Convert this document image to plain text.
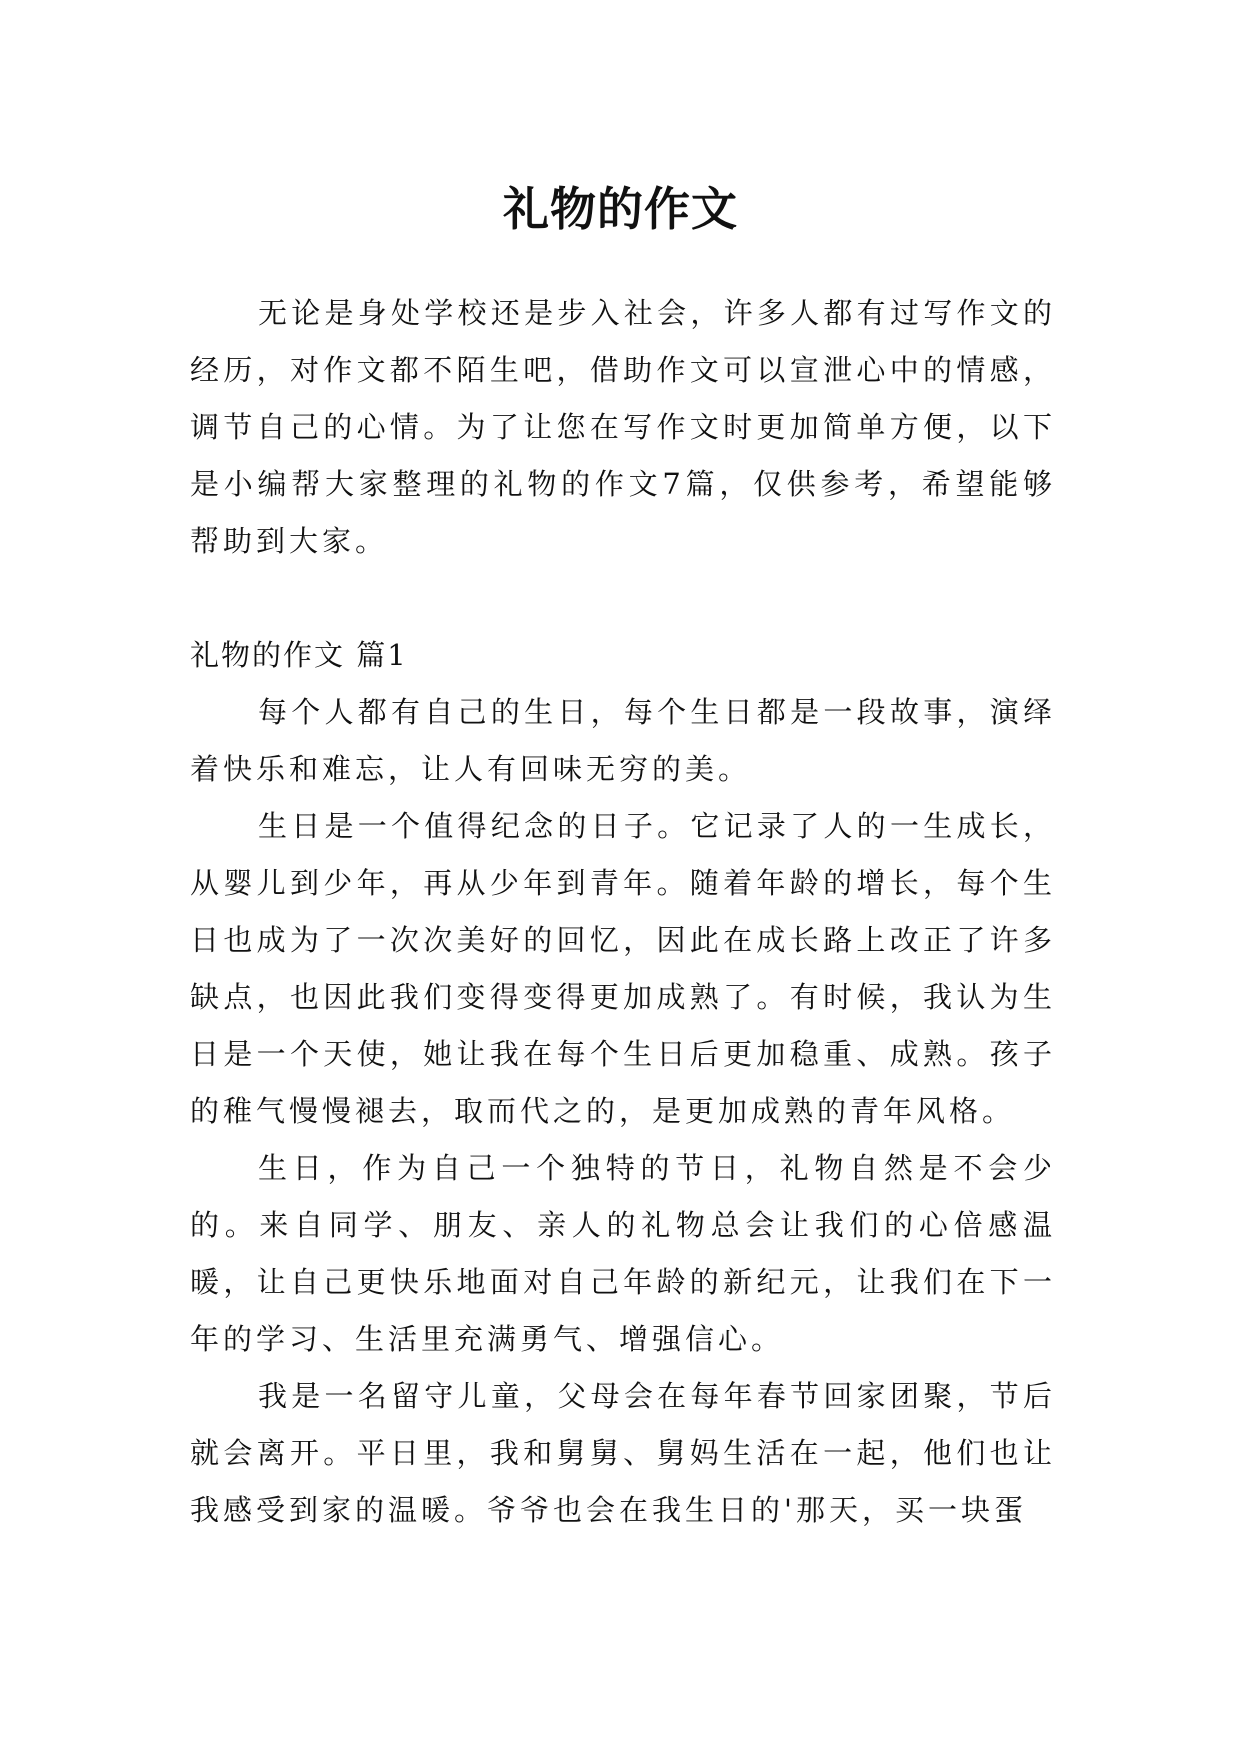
礼物的作文

无论是身处学校还是步入社会，许多人都有过写作文的经历，对作文都不陌生吧，借助作文可以宣泄心中的情感，调节自己的心情。为了让您在写作文时更加简单方便，以下是小编帮大家整理的礼物的作文7篇，仅供参考，希望能够帮助到大家。

礼物的作文 篇1

每个人都有自己的生日，每个生日都是一段故事，演绎着快乐和难忘，让人有回味无穷的美。

生日是一个值得纪念的日子。它记录了人的一生成长，从婴儿到少年，再从少年到青年。随着年龄的增长，每个生日也成为了一次次美好的回忆，因此在成长路上改正了许多缺点，也因此我们变得变得更加成熟了。有时候，我认为生日是一个天使，她让我在每个生日后更加稳重、成熟。孩子的稚气慢慢褪去，取而代之的，是更加成熟的青年风格。

生日，作为自己一个独特的节日，礼物自然是不会少的。来自同学、朋友、亲人的礼物总会让我们的心倍感温暖，让自己更快乐地面对自己年龄的新纪元，让我们在下一年的学习、生活里充满勇气、增强信心。

我是一名留守儿童，父母会在每年春节回家团聚，节后就会离开。平日里，我和舅舅、舅妈生活在一起，他们也让我感受到家的温暖。爷爷也会在我生日的'那天，买一块蛋
